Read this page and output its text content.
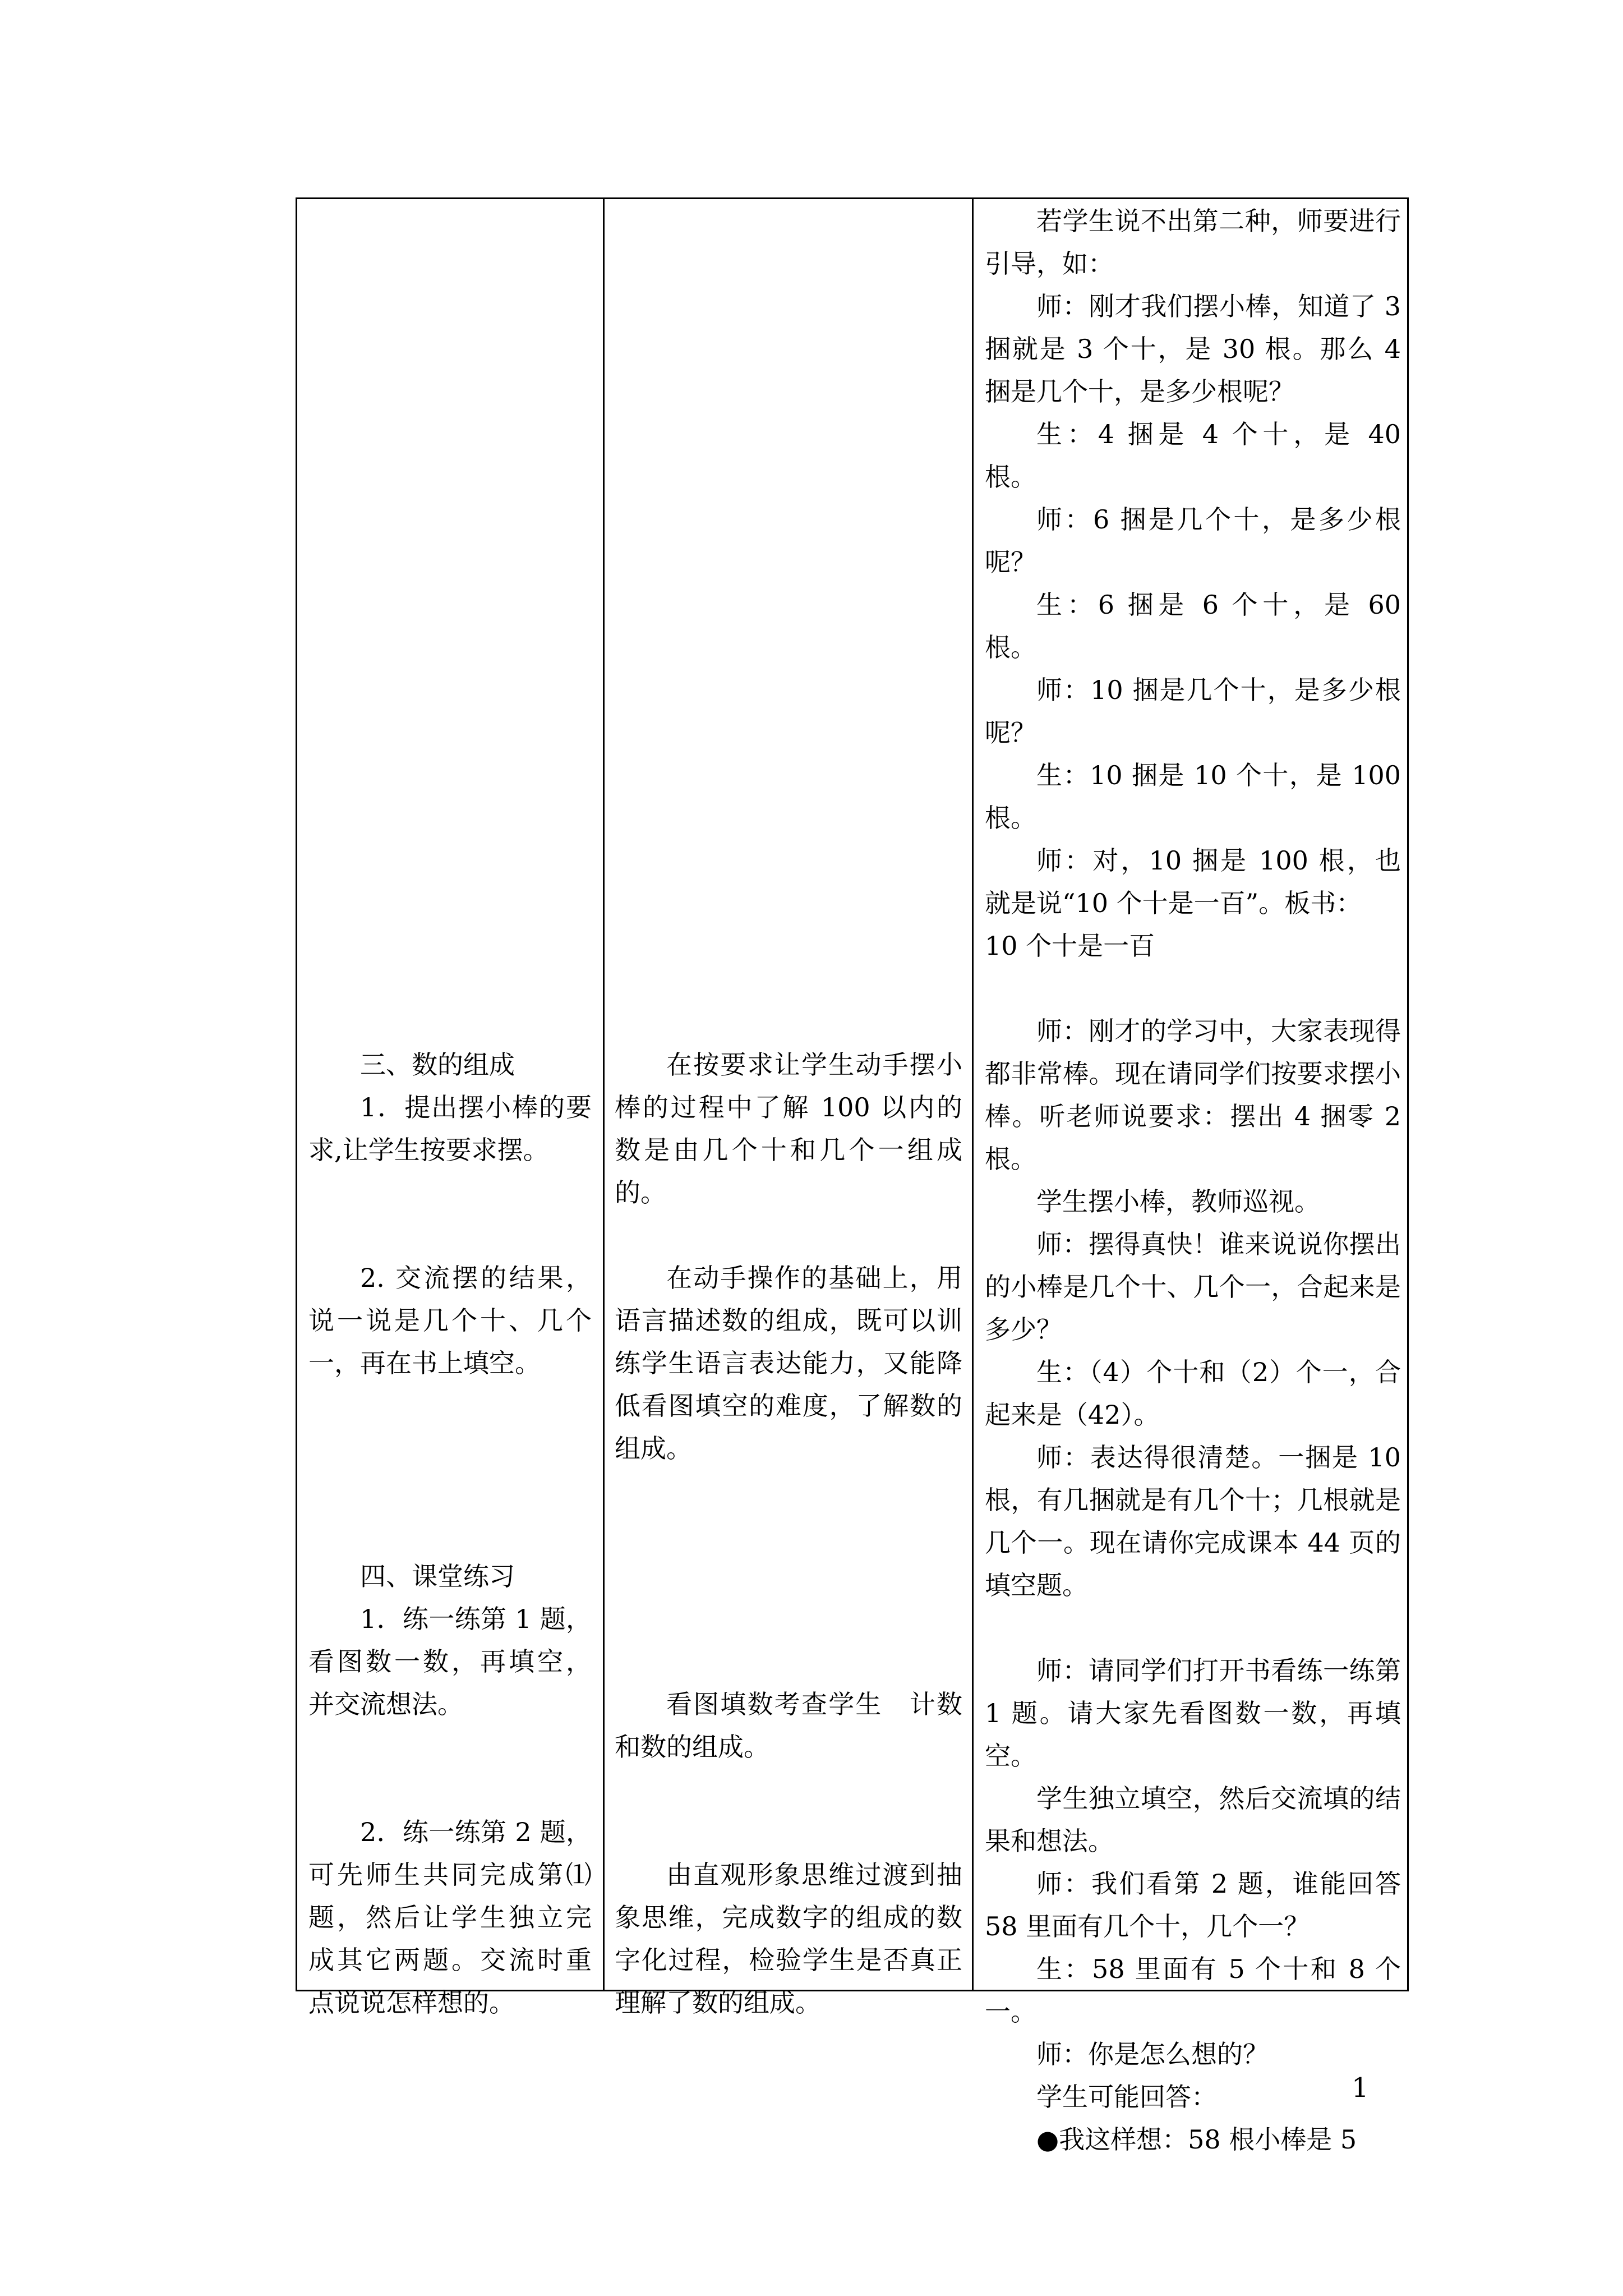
三、数的组成

1．提出摆小棒的要求,让学生按要求摆。

2. 交流摆的结果，说一说是几个十、几个一，再在书上填空。

四、课堂练习

1．练一练第 1 题，看图数一数，再填空，并交流想法。

2．练一练第 2 题，可先师生共同完成第⑴题，然后让学生独立完成其它两题。交流时重点说说怎样想的。

在按要求让学生动手摆小棒的过程中了解 100 以内的数是由几个十和几个一组成的。

在动手操作的基础上，用语言描述数的组成，既可以训练学生语言表达能力，又能降低看图填空的难度，了解数的组成。

看图填数考查学生　计数和数的组成。

由直观形象思维过渡到抽象思维，完成数字的组成的数字化过程，检验学生是否真正理解了数的组成。

若学生说不出第二种，师要进行引导，如：

师：刚才我们摆小棒，知道了 3 捆就是 3 个十，是 30 根。那么 4 捆是几个十，是多少根呢？

生：4 捆是 4 个十，是 40 根。

师：6 捆是几个十，是多少根呢？

生：6 捆是 6 个十，是 60 根。

师：10 捆是几个十，是多少根呢？

生：10 捆是 10 个十，是 100 根。

师：对，10 捆是 100 根，也就是说“10 个十是一百”。板书：

10 个十是一百

师：刚才的学习中，大家表现得都非常棒。现在请同学们按要求摆小棒。听老师说要求：摆出 4 捆零 2 根。

学生摆小棒，教师巡视。

师：摆得真快！谁来说说你摆出的小棒是几个十、几个一，合起来是多少？

生：（4）个十和（2）个一，合起来是（42）。

师：表达得很清楚。一捆是 10 根，有几捆就是有几个十；几根就是几个一。现在请你完成课本 44 页的填空题。

师：请同学们打开书看练一练第 1 题。请大家先看图数一数，再填空。

学生独立填空，然后交流填的结果和想法。

师：我们看第 2 题，谁能回答 58 里面有几个十，几个一？

生：58 里面有 5 个十和 8 个一。

师：你是怎么想的？

学生可能回答：

●我这样想：58 根小棒是 5

1
